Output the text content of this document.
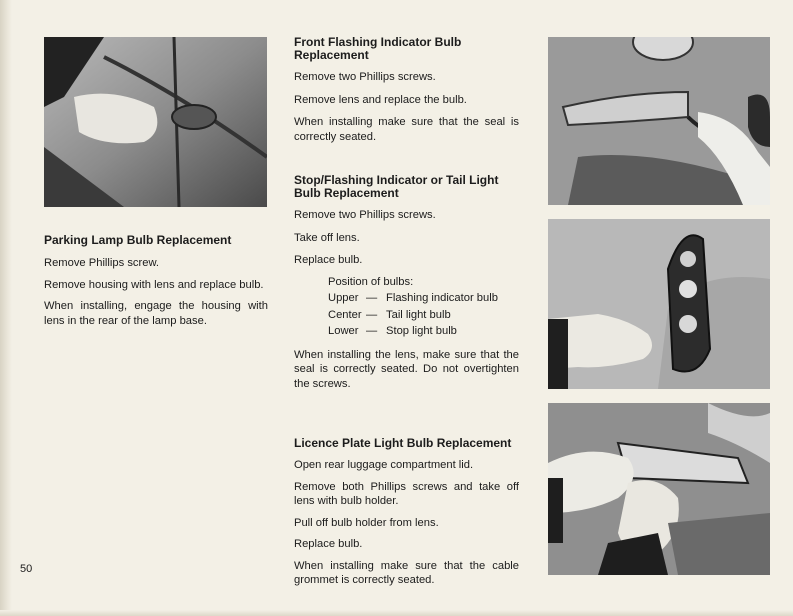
Parking Lamp Bulb Replacement

Remove Phillips screw.

Remove housing with lens and replace bulb.

When installing, engage the housing with lens in the rear of the lamp base.

Front Flashing Indicator Bulb Replacement

Remove two Phillips screws.

Remove lens and replace the bulb.

When installing make sure that the seal is correctly seated.

Stop/Flashing Indicator or Tail Light Bulb Replacement

Remove two Phillips screws.

Take off lens.

Replace bulb.

Position of bulbs:
Upper — Flashing indicator bulb
Center — Tail light bulb
Lower — Stop light bulb

When installing the lens, make sure that the seal is correctly seated. Do not overtighten the screws.

Licence Plate Light Bulb Replacement

Open rear luggage compartment lid.

Remove both Phillips screws and take off lens with bulb holder.

Pull off bulb holder from lens.

Replace bulb.

When installing make sure that the cable grommet is correctly seated.

50
